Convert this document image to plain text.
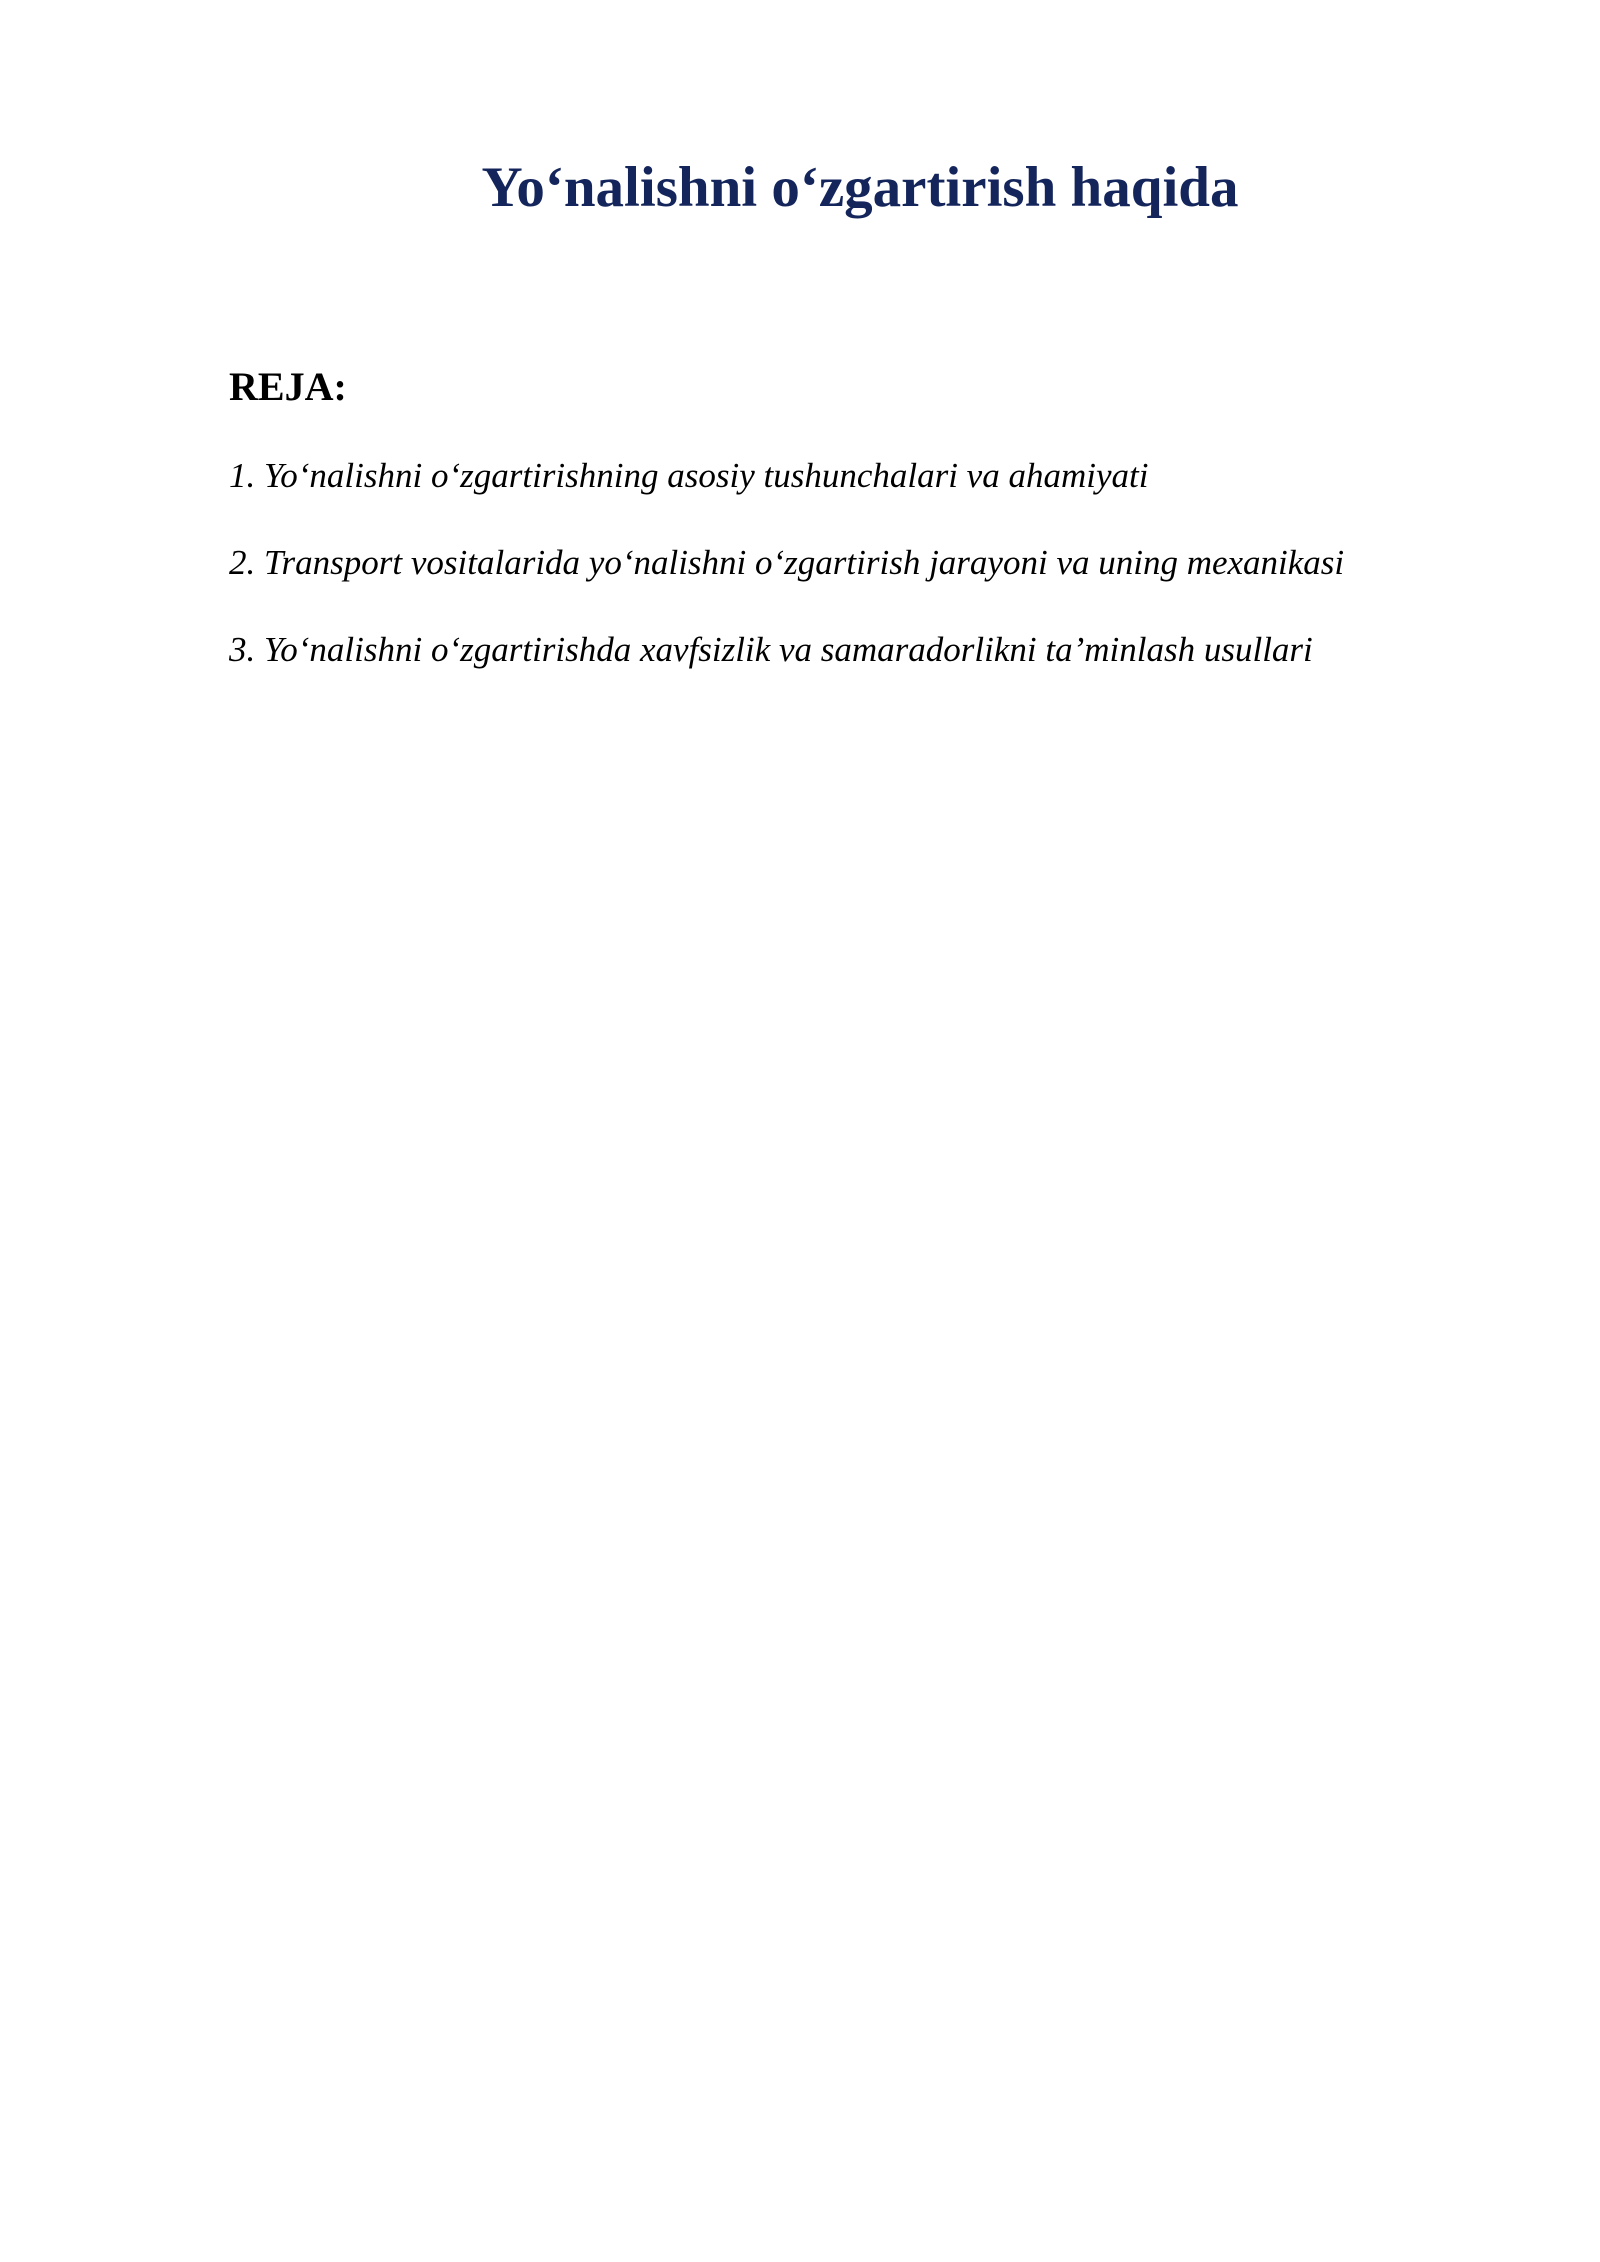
Yo‘nalishni o‘zgartirish haqida
REJA:
1. Yo‘nalishni o‘zgartirishning asosiy tushunchalari va ahamiyati
2. Transport vositalarida yo‘nalishni o‘zgartirish jarayoni va uning mexanikasi
3. Yo‘nalishni o‘zgartirishda xavfsizlik va samaradorlikni ta’minlash usullari
